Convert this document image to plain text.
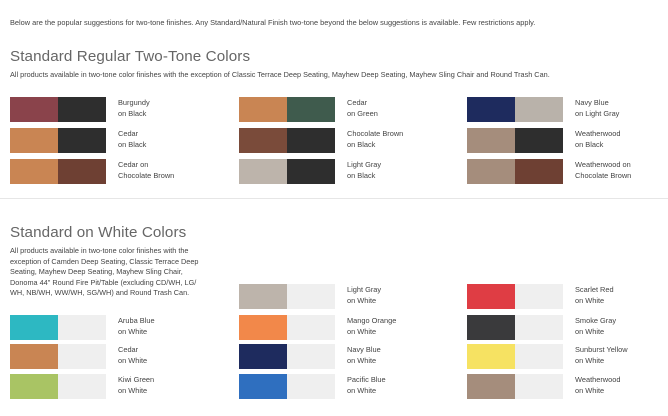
Below are the popular suggestions for two-tone finishes. Any Standard/Natural Finish two-tone beyond the below suggestions is available. Few restrictions apply.
Standard Regular Two-Tone Colors
All products available in two-tone color finishes with the exception of Classic Terrace Deep Seating, Mayhew Deep Seating, Mayhew Sling Chair and Round Trash Can.
Burgundy
on Black
Cedar
on Green
Navy Blue
on Light Gray
Cedar
on Black
Chocolate Brown
on Black
Weatherwood
on Black
Cedar on
Chocolate Brown
Light Gray
on Black
Weatherwood on
Chocolate Brown
Standard on White Colors
All products available in two-tone color finishes with the
exception of Camden Deep Seating, Classic Terrace Deep
Seating, Mayhew Deep Seating, Mayhew Sling Chair,
Donoma 44" Round Fire Pit/Table (excluding CD/WH, LG/
WH, NB/WH, WW/WH, SG/WH) and Round Trash Can.	Light Gray
on White
Scarlet Red
on White
Aruba Blue
on White
Mango Orange
on White
Smoke Gray
on White
Cedar
on White
Navy Blue
on White
Sunburst Yellow
on White
Kiwi Green
on White
Pacific Blue
on White
Weatherwood
on White
